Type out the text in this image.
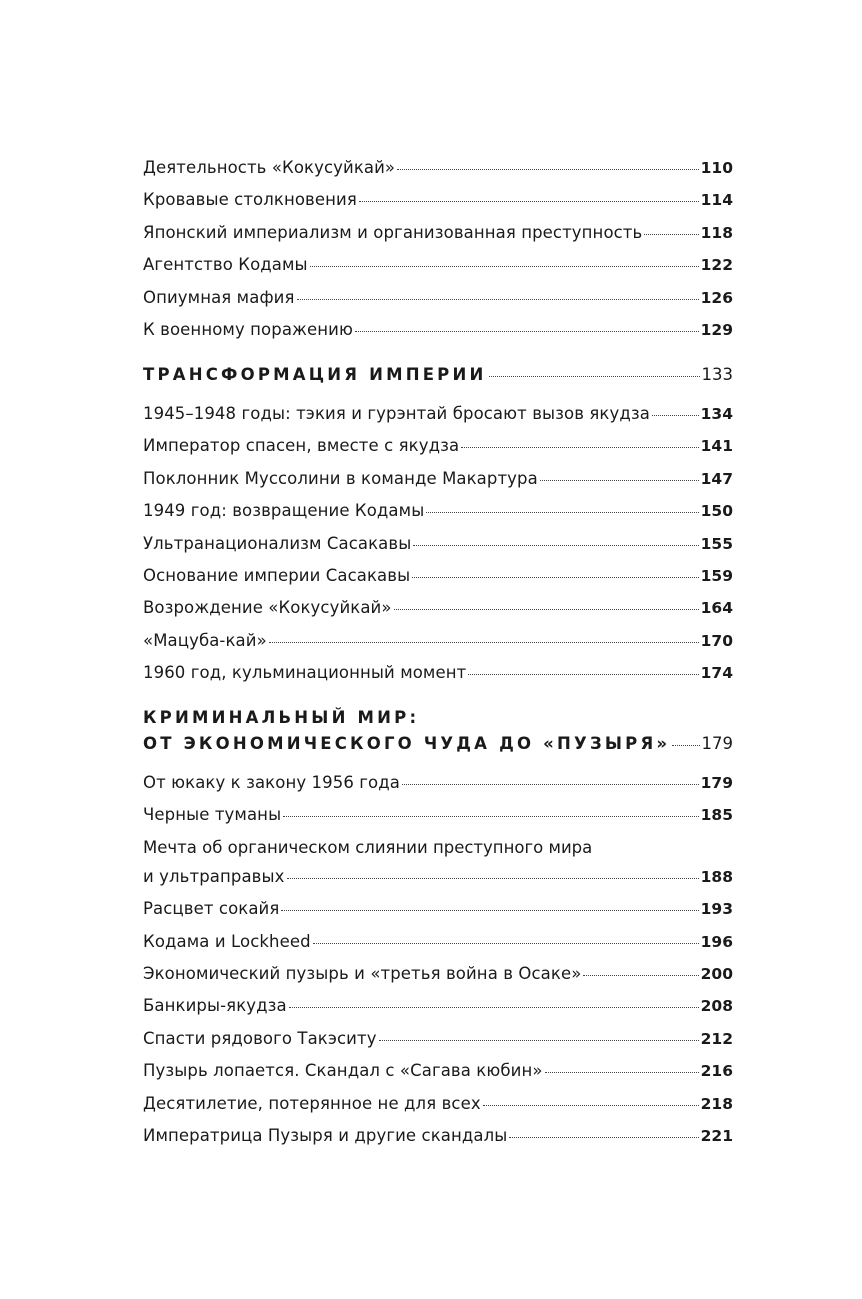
Деятельность «Кокусуйкай»	110
Кровавые столкновения	114
Японский империализм и организованная преступность	118
Агентство Кодамы	122
Опиумная мафия	126
К военному поражению	129
ТРАНСФОРМАЦИЯ ИМПЕРИИ	133
1945–1948 годы: тэкия и гурэнтай бросают вызов якудза	134
Император спасен, вместе с якудза	141
Поклонник Муссолини в команде Макартура	147
1949 год: возвращение Кодамы	150
Ультранационализм Сасакавы	155
Основание империи Сасакавы	159
Возрождение «Кокусуйкай»	164
«Мацуба-кай»	170
1960 год, кульминационный момент	174
КРИМИНАЛЬНЫЙ МИР:
ОТ ЭКОНОМИЧЕСКОГО ЧУДА ДО «ПУЗЫРЯ» 179
От юкаку к закону 1956 года	179
Черные туманы	185
Мечта об органическом слиянии преступного мира
и ультраправых	188
Расцвет сокайя	193
Кодама и Lockheed	196
Экономический пузырь и «третья война в Осаке»	200
Банкиры-якудза	208
Спасти рядового Такэситу	212
Пузырь лопается. Скандал с «Сагава кюбин»	216
Десятилетие, потерянное не для всех	218
Императрица Пузыря и другие скандалы	221
